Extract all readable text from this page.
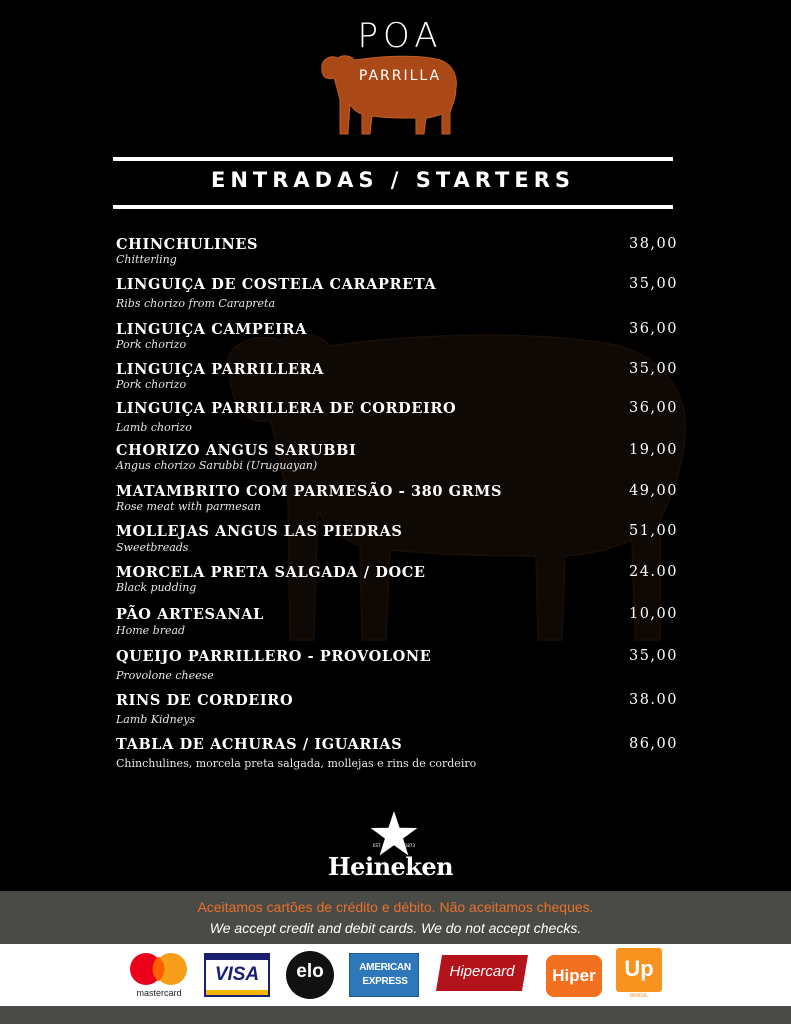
POA
PARRILLA
ENTRADAS / STARTERS
CHINCHULINES	38,00
Chitterling
LINGUIÇA DE COSTELA CARAPRETA	35,00
Ribs chorizo from Carapreta
LINGUIÇA CAMPEIRA	36,00
Pork chorizo
LINGUIÇA PARRILLERA	35,00
Pork chorizo
LINGUIÇA PARRILLERA DE CORDEIRO	36,00
Lamb chorizo
CHORIZO ANGUS SARUBBI	19,00
Angus chorizo Sarubbi (Uruguayan)
MATAMBRITO COM PARMESÃO - 380 GRMS	49,00
Rose meat with parmesan
MOLLEJAS ANGUS LAS PIEDRAS	51,00
Sweetbreads
MORCELA PRETA SALGADA / DOCE	24.00
Black pudding
PÃO ARTESANAL	10,00
Home bread
QUEIJO PARRILLERO - PROVOLONE	35,00
Provolone cheese
RINS DE CORDEIRO	38.00
Lamb Kidneys
TABLA DE ACHURAS / IGUARIAS	86,00
Chinchulines, morcela preta salgada, mollejas e rins de cordeiro
EST.	1873
Heineken
Aceitamos cartões de crédito e débito. Não aceitamos cheques.
We accept credit and debit cards. We do not accept checks.
mastercard
VISA	elo	AMERICAN
EXPRESS
Hipercard	Hiper	Up
BRASIL
